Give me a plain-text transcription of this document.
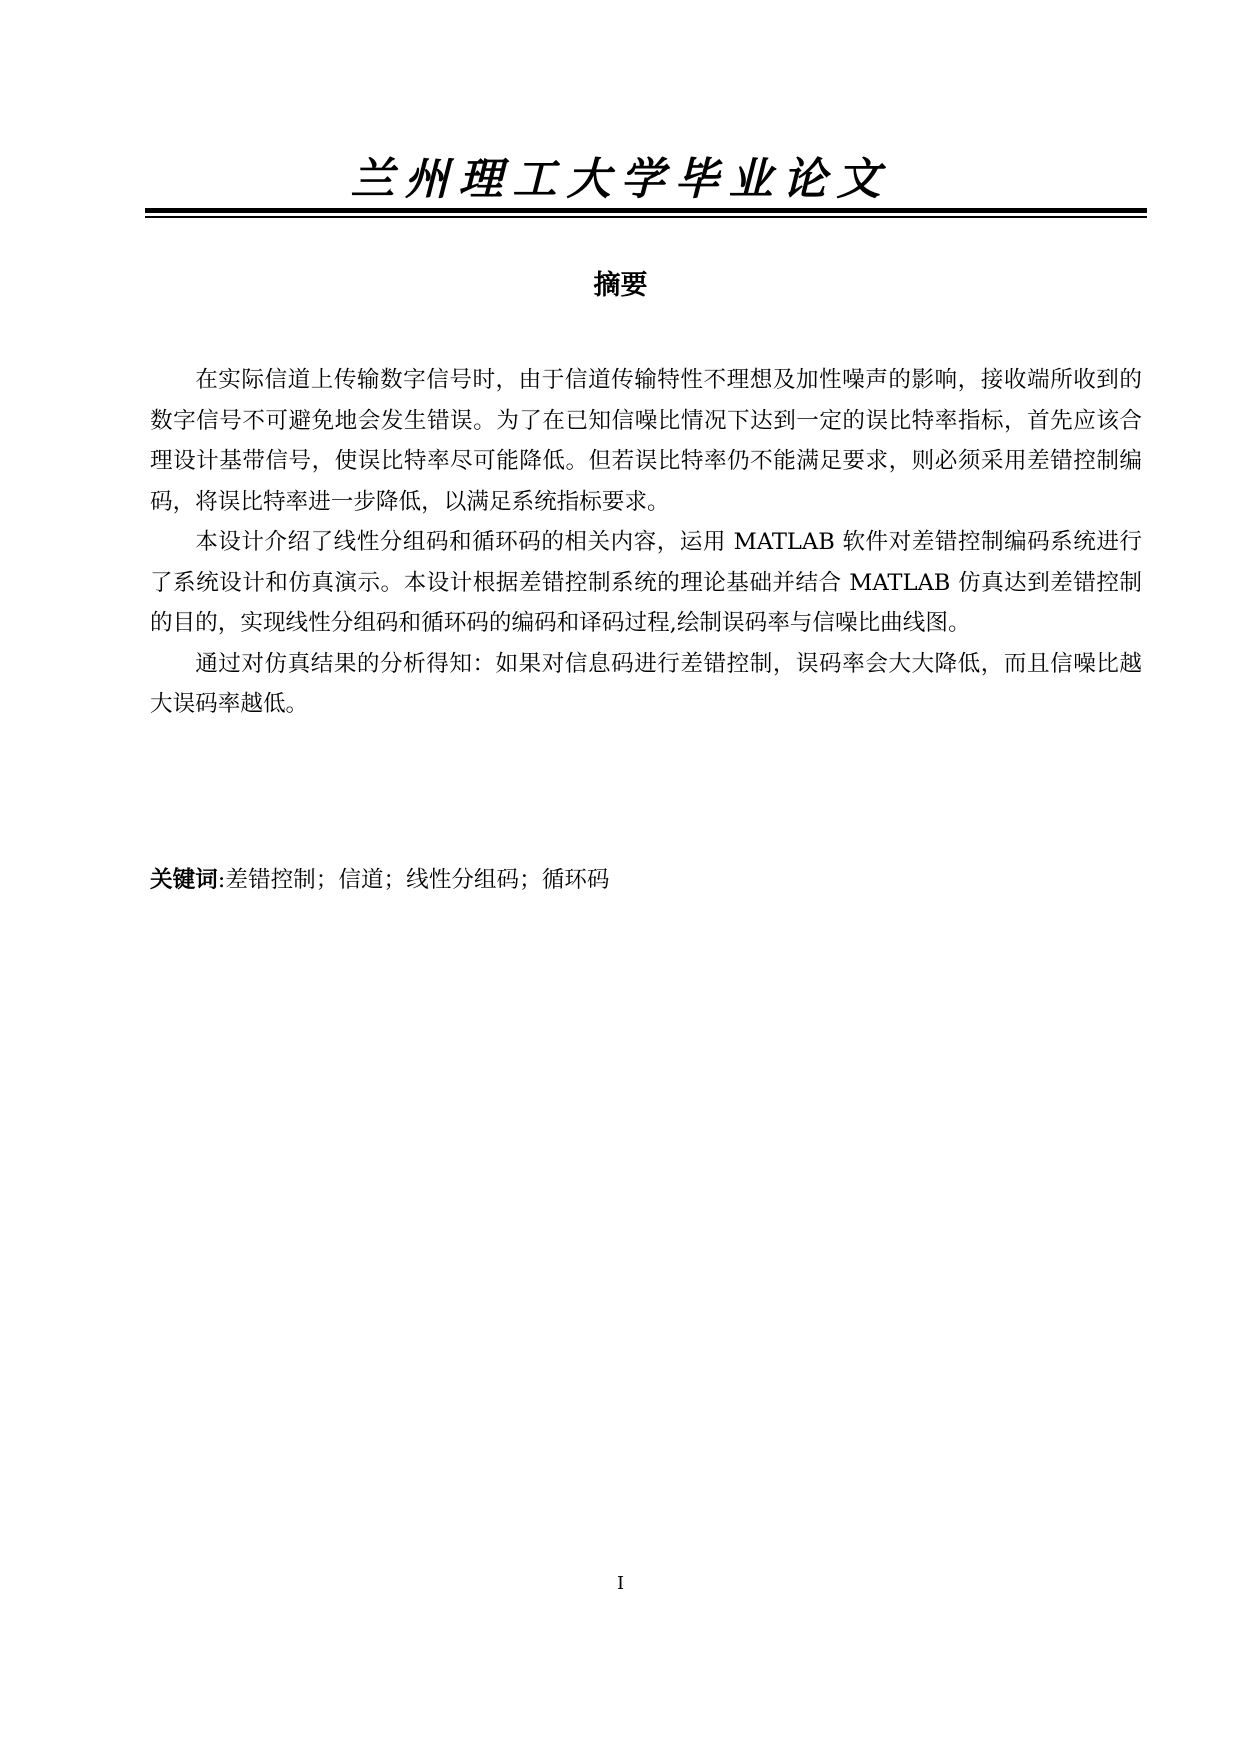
兰州理工大学毕业论文
摘要

在实际信道上传输数字信号时，由于信道传输特性不理想及加性噪声的影响，接收端所收到的数字信号不可避免地会发生错误。为了在已知信噪比情况下达到一定的误比特率指标，首先应该合理设计基带信号，使误比特率尽可能降低。但若误比特率仍不能满足要求，则必须采用差错控制编码，将误比特率进一步降低，以满足系统指标要求。

本设计介绍了线性分组码和循环码的相关内容，运用 MATLAB 软件对差错控制编码系统进行了系统设计和仿真演示。本设计根据差错控制系统的理论基础并结合 MATLAB 仿真达到差错控制的目的，实现线性分组码和循环码的编码和译码过程,绘制误码率与信噪比曲线图。

通过对仿真结果的分析得知：如果对信息码进行差错控制，误码率会大大降低，而且信噪比越大误码率越低。

关键词:差错控制；信道；线性分组码；循环码
I
